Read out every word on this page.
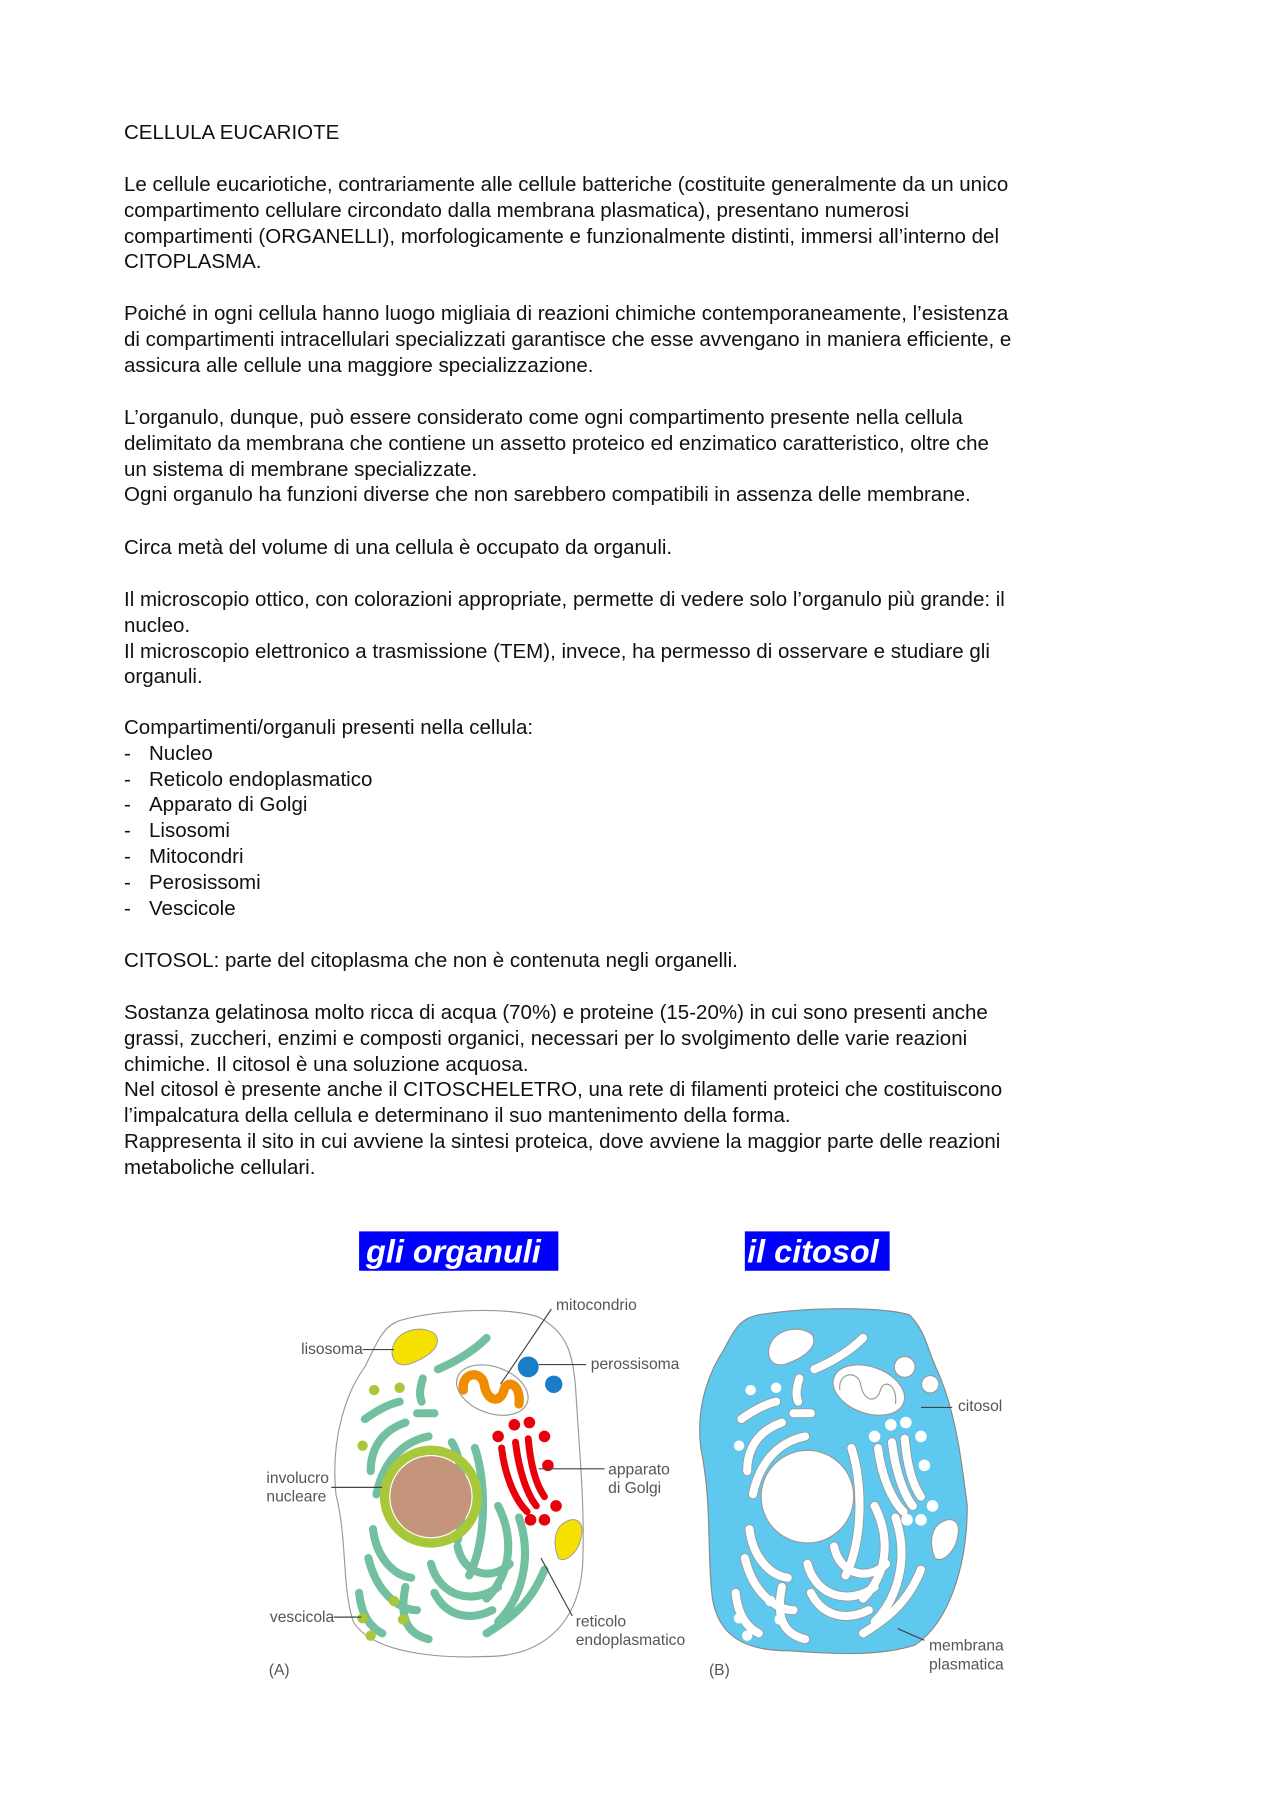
CELLULA EUCARIOTE
Le cellule eucariotiche, contrariamente alle cellule batteriche (costituite generalmente da un unico
compartimento cellulare circondato dalla membrana plasmatica), presentano numerosi
compartimenti (ORGANELLI), morfologicamente e funzionalmente distinti, immersi all’interno del
CITOPLASMA.
Poiché in ogni cellula hanno luogo migliaia di reazioni chimiche contemporaneamente, l’esistenza
di compartimenti intracellulari specializzati garantisce che esse avvengano in maniera efficiente, e
assicura alle cellule una maggiore specializzazione.
L’organulo, dunque, può essere considerato come ogni compartimento presente nella cellula
delimitato da membrana che contiene un assetto proteico ed enzimatico caratteristico, oltre che
un sistema di membrane specializzate.
Ogni organulo ha funzioni diverse che non sarebbero compatibili in assenza delle membrane.
Circa metà del volume di una cellula è occupato da organuli.
Il microscopio ottico, con colorazioni appropriate, permette di vedere solo l’organulo più grande: il
nucleo.
Il microscopio elettronico a trasmissione (TEM), invece, ha permesso di osservare e studiare gli
organuli.
Compartimenti/organuli presenti nella cellula:
- Nucleo
- Reticolo endoplasmatico
- Apparato di Golgi
- Lisosomi
- Mitocondri
- Perosissomi
- Vescicole
CITOSOL: parte del citoplasma che non è contenuta negli organelli.
Sostanza gelatinosa molto ricca di acqua (70%) e proteine (15-20%) in cui sono presenti anche
grassi, zuccheri, enzimi e composti organici, necessari per lo svolgimento delle varie reazioni
chimiche. Il citosol è una soluzione acquosa.
Nel citosol è presente anche il CITOSCHELETRO, una rete di filamenti proteici che costituiscono
l’impalcatura della cellula e determinano il suo mantenimento della forma.
Rappresenta il sito in cui avviene la sintesi proteica, dove avviene la maggior parte delle reazioni
metaboliche cellulari.
gli organuli	il citosol
lisosoma
mitocondrio
perossisoma
apparato
di Golgi
involucro
nucleare
vescicola	reticolo
endoplasmatico
(A)
citosol
membrana
plasmatica
(B)
